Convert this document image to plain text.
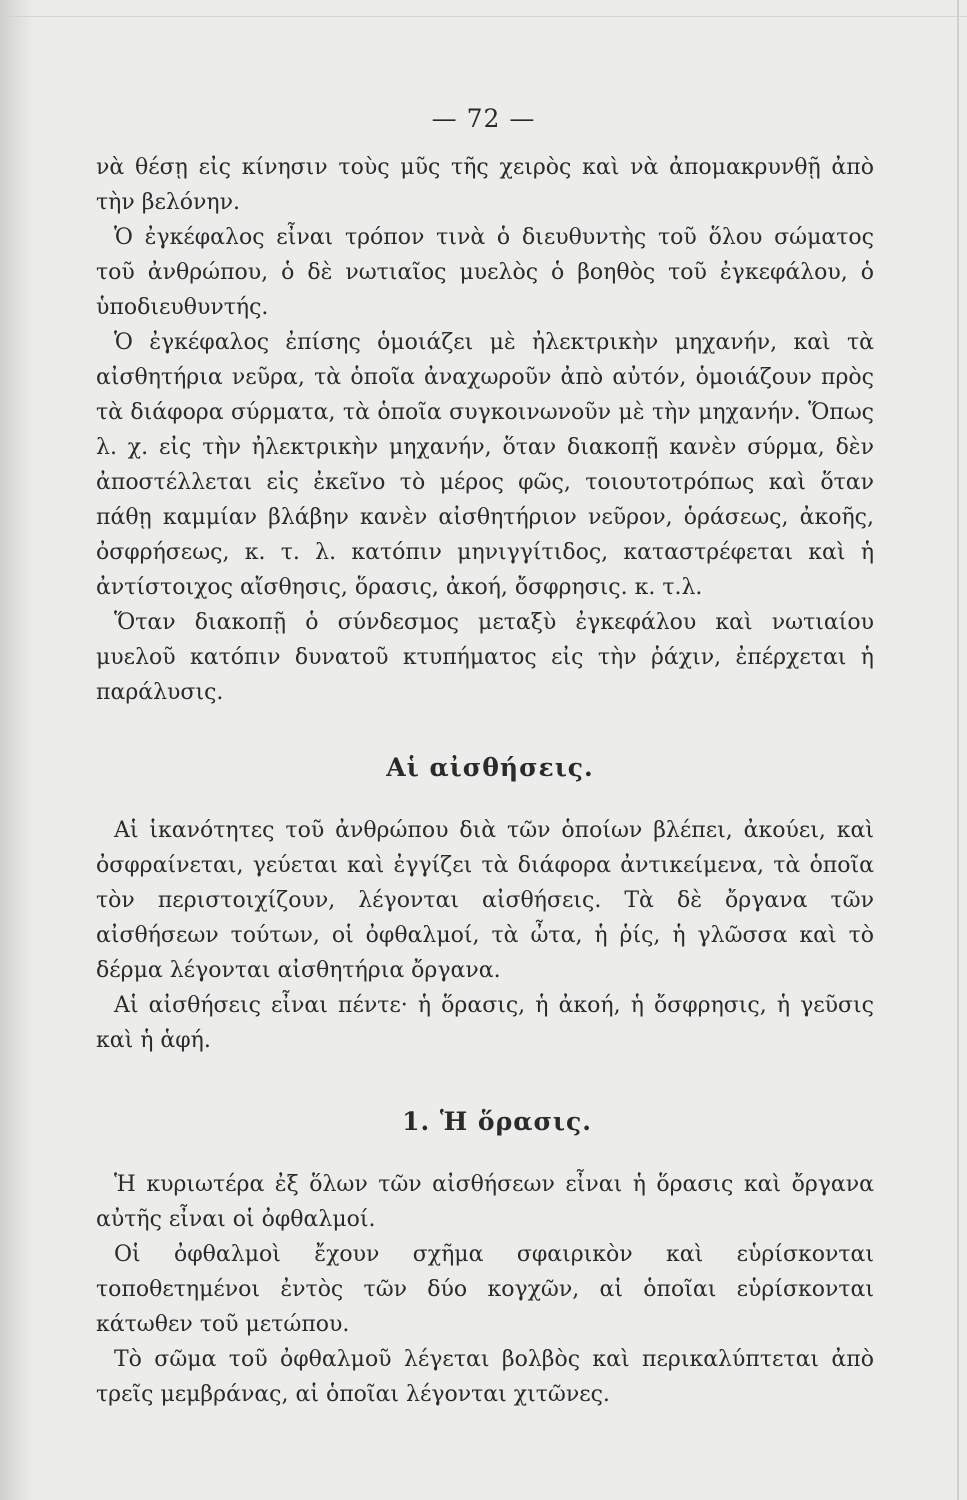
— 72 —

νὰ θέσῃ εἰς κίνησιν τοὺς μῦς τῆς χειρὸς καὶ νὰ ἀπομακρυνθῇ ἀπὸ τὴν βελόνην.

Ὁ ἐγκέφαλος εἶναι τρόπον τινὰ ὁ διευθυντὴς τοῦ ὅλου σώματος τοῦ ἀνθρώπου, ὁ δὲ νωτιαῖος μυελὸς ὁ βοηθὸς τοῦ ἐγκεφάλου, ὁ ὑποδιευθυντής.

Ὁ ἐγκέφαλος ἐπίσης ὁμοιάζει μὲ ἠλεκτρικὴν μηχανήν, καὶ τὰ αἰσθητήρια νεῦρα, τὰ ὁποῖα ἀναχωροῦν ἀπὸ αὐτόν, ὁμοιάζουν πρὸς τὰ διάφορα σύρματα, τὰ ὁποῖα συγκοινωνοῦν μὲ τὴν μηχανήν. Ὅπως λ. χ. εἰς τὴν ἠλεκτρικὴν μηχανήν, ὅταν διακοπῇ κανὲν σύρμα, δὲν ἀποστέλλεται εἰς ἐκεῖνο τὸ μέρος φῶς, τοιουτοτρόπως καὶ ὅταν πάθῃ καμμίαν βλάβην κανὲν αἰσθητήριον νεῦρον, ὁράσεως, ἀκοῆς, ὀσφρήσεως, κ. τ. λ. κατόπιν μηνιγγίτιδος, καταστρέφεται καὶ ἡ ἀντίστοιχος αἴσθησις, ὅρασις, ἀκοή, ὄσφρησις. κ. τ.λ.

Ὅταν διακοπῇ ὁ σύνδεσμος μεταξὺ ἐγκεφάλου καὶ νωτιαίου μυελοῦ κατόπιν δυνατοῦ κτυπήματος εἰς τὴν ῥάχιν, ἐπέρχεται ἡ παράλυσις.

Αἱ αἰσθήσεις.

Αἱ ἱκανότητες τοῦ ἀνθρώπου διὰ τῶν ὁποίων βλέπει, ἀκούει, καὶ ὀσφραίνεται, γεύεται καὶ ἐγγίζει τὰ διάφορα ἀντικείμενα, τὰ ὁποῖα τὸν περιστοιχίζουν, λέγονται αἰσθήσεις. Τὰ δὲ ὄργανα τῶν αἰσθήσεων τούτων, οἱ ὀφθαλμοί, τὰ ὦτα, ἡ ῥίς, ἡ γλῶσσα καὶ τὸ δέρμα λέγονται αἰσθητήρια ὄργανα.

Αἱ αἰσθήσεις εἶναι πέντε· ἡ ὅρασις, ἡ ἀκοή, ἡ ὄσφρησις, ἡ γεῦσις καὶ ἡ ἁφή.

1. Ἡ ὅρασις.

Ἡ κυριωτέρα ἐξ ὅλων τῶν αἰσθήσεων εἶναι ἡ ὅρασις καὶ ὄργανα αὐτῆς εἶναι οἱ ὀφθαλμοί.

Οἱ ὀφθαλμοὶ ἔχουν σχῆμα σφαιρικὸν καὶ εὑρίσκονται τοποθετημένοι ἐντὸς τῶν δύο κογχῶν, αἱ ὁποῖαι εὑρίσκονται κάτωθεν τοῦ μετώπου.

Τὸ σῶμα τοῦ ὀφθαλμοῦ λέγεται βολβὸς καὶ περικαλύπτεται ἀπὸ τρεῖς μεμβράνας, αἱ ὁποῖαι λέγονται χιτῶνες.
